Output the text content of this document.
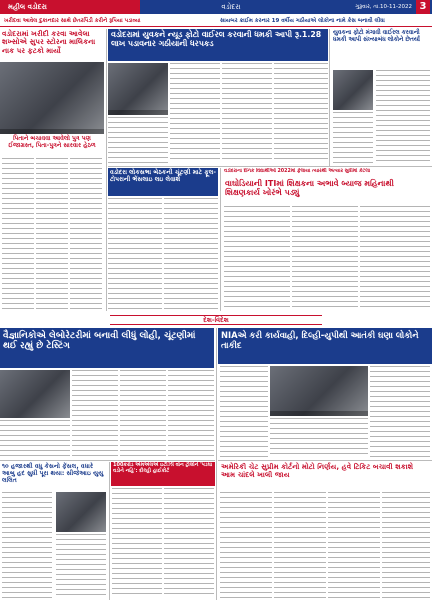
મહીલ વડોદરા	વડોદરા	ગુરૂવાર, તા.10-11-2022 3
ખરીદવા આવેલ દુકાનદાર સાથે છેતરપિંડી કરીને રૂપિયા પડાવ્યા	સાયબર ક્રાઈમ કરનાર 19 વર્ષીય ગઠીયાએ લોકોના નામે કેસ બનાવી લીધા
વડોદરામાં ખરીદી કરવા આવેલા શખ્સોએ સુપર સ્ટોરના માલિકના નાક પર ફટકો માર્યો
પિતાને બચાવવા આવેલો પુત્ર પણ ઈજાગ્રસ્ત, પિતા-પુત્રને સારવાર હેઠળ
વડોદરામાં યુવકને ન્યૂડ ફોટો વાઈરલ કરવાની ધમકી આપી રૂ.1.28 લાખ પડાવનાર ગઠીયાની ધરપકડ
યુવકના ફોટો મંગાવી વાઈરલ કરવાની ધમકી આપી સંખ્યાબંધ લોકોને છેતર્યા
વડોદરા લોકસભા બેઠકની ચૂંટણી માટે ફૂલ-ટોપરાની ભેંસલાઇ લઇ લેવાશે
વડોદરાના દૈનિક વિદ્યાર્થીઓ 2022માં ફેલાયા ત્યારથી અત્યાર સુધીમાં કેટલા
વાઘોડિયાની ITIમાં શિક્ષકના અભાવે બ્યાજ મહિનાથી શિક્ષણકાર્ય ખોરંભે પડ્યું
દેશ-વિદેશ
વૈજ્ઞાનિકોએ લેબોરેટરીમાં બનાવી લીધું લોહી, ચૂંટણીમાં થઈ રહ્યું છે ટેસ્ટિંગ
૧૦ હજારથી વધુ કેસનો ફેંસલ, વધારે આબુ હદ સુધી પૂરા થયા: સીજેઆઇ યુયુ લલિત
100કરોડ એમએલએ ઇટીઝી વોન ટ્રોલોને 'પડઘા વડોને નહિ': દીલ્હી હાઈકોર્ટ
NIAએ કરી કાર્યવાહી, દિલ્હી-યુપીથી આતંકી ઘણા લોકોને તાકીદ
અમેરિકી ચેટ સુપ્રીમ કોર્ટનો મોટો નિર્ણય, હવે ટિકિટ બચાવી શકાશે આમ ચાંદલે ખાલી જાય
